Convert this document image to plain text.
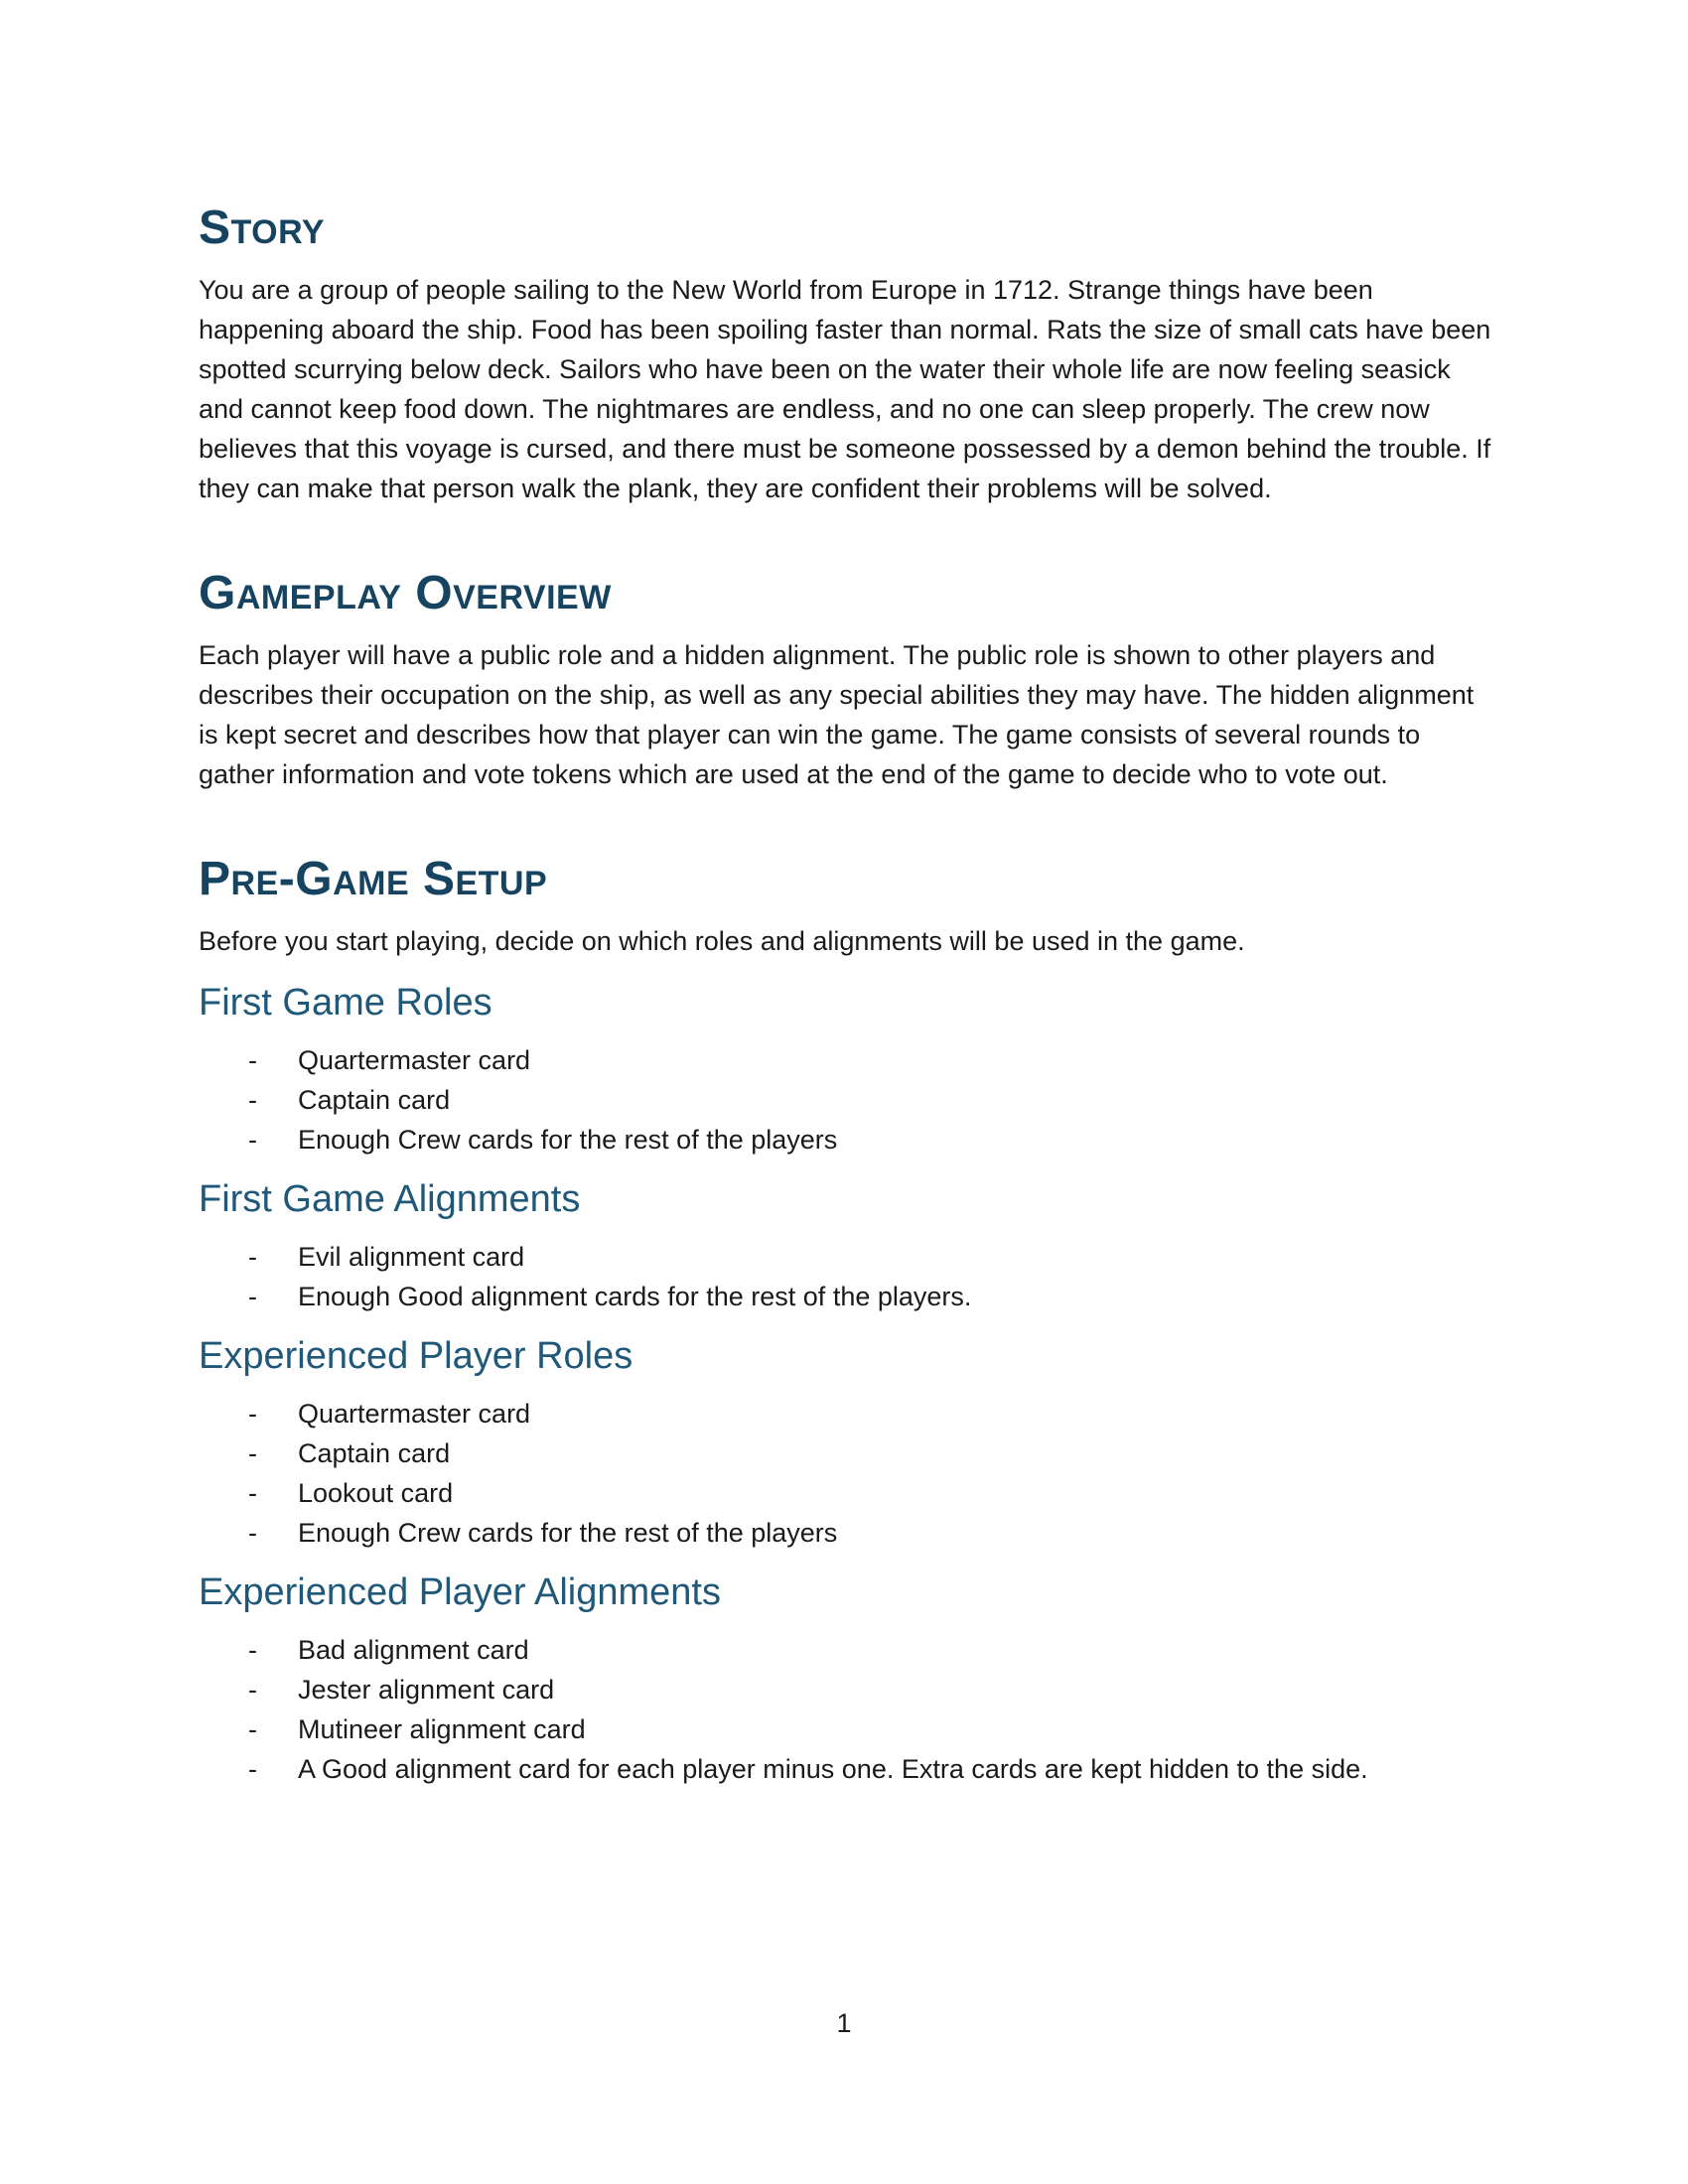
Story

You are a group of people sailing to the New World from Europe in 1712. Strange things have been happening aboard the ship. Food has been spoiling faster than normal. Rats the size of small cats have been spotted scurrying below deck. Sailors who have been on the water their whole life are now feeling seasick and cannot keep food down. The nightmares are endless, and no one can sleep properly. The crew now believes that this voyage is cursed, and there must be someone possessed by a demon behind the trouble. If they can make that person walk the plank, they are confident their problems will be solved.

Gameplay Overview

Each player will have a public role and a hidden alignment. The public role is shown to other players and describes their occupation on the ship, as well as any special abilities they may have. The hidden alignment is kept secret and describes how that player can win the game. The game consists of several rounds to gather information and vote tokens which are used at the end of the game to decide who to vote out.

Pre-Game Setup

Before you start playing, decide on which roles and alignments will be used in the game.

First Game Roles
- Quartermaster card
- Captain card
- Enough Crew cards for the rest of the players
First Game Alignments
- Evil alignment card
- Enough Good alignment cards for the rest of the players.
Experienced Player Roles
- Quartermaster card
- Captain card
- Lookout card
- Enough Crew cards for the rest of the players
Experienced Player Alignments
- Bad alignment card
- Jester alignment card
- Mutineer alignment card
- A Good alignment card for each player minus one. Extra cards are kept hidden to the side.
1
